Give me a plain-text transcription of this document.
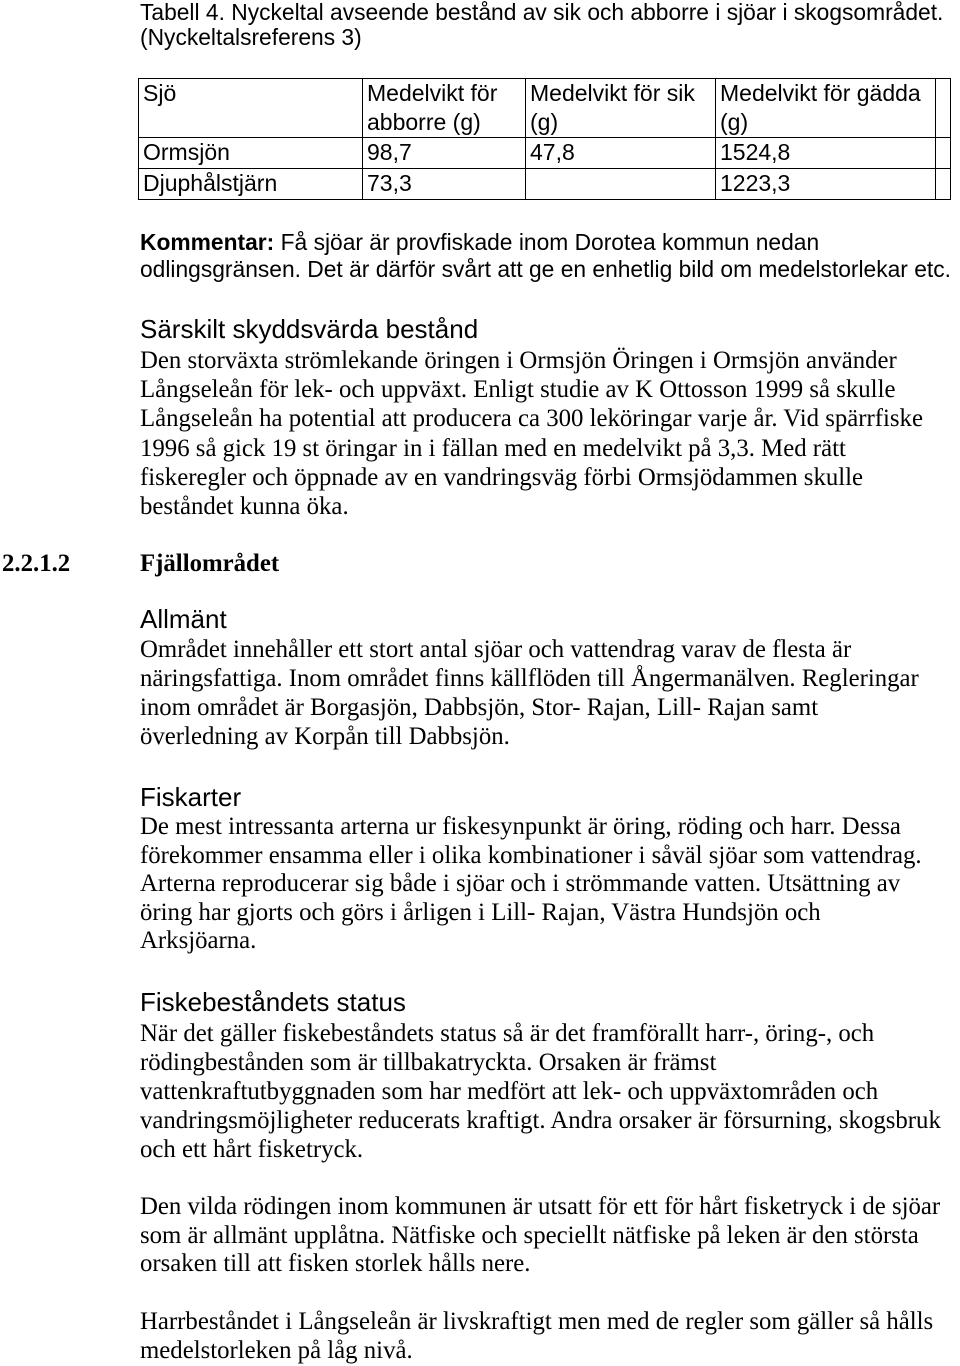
Tabell 4. Nyckeltal avseende bestånd av sik och abborre i sjöar i skogsområdet.
(Nyckeltalsreferens 3)
Sjö	Medelvikt för abborre (g)	Medelvikt för sik (g)	Medelvikt för gädda (g)	
Ormsjön	98,7	47,8	1524,8	
Djuphålstjärn	73,3		1223,3	
Kommentar: Få sjöar är provfiskade inom Dorotea kommun nedan
odlingsgränsen. Det är därför svårt att ge en enhetlig bild om medelstorlekar etc.
Särskilt skyddsvärda bestånd
Den storväxta strömlekande öringen i Ormsjön Öringen i Ormsjön använder
Långseleån för lek- och uppväxt. Enligt studie av K Ottosson 1999 så skulle
Långseleån ha potential att producera ca 300 leköringar varje år. Vid spärrfiske
1996 så gick 19 st öringar in i fällan med en medelvikt på 3,3. Med rätt
fiskeregler och öppnade av en vandringsväg förbi Ormsjödammen skulle
beståndet kunna öka.
2.2.1.2	Fjällområdet
Allmänt
Området innehåller ett stort antal sjöar och vattendrag varav de flesta är
näringsfattiga. Inom området finns källflöden till Ångermanälven. Regleringar
inom området är Borgasjön, Dabbsjön, Stor- Rajan, Lill- Rajan samt
överledning av Korpån till Dabbsjön.
Fiskarter
De mest intressanta arterna ur fiskesynpunkt är öring, röding och harr. Dessa
förekommer ensamma eller i olika kombinationer i såväl sjöar som vattendrag.
Arterna reproducerar sig både i sjöar och i strömmande vatten. Utsättning av
öring har gjorts och görs i årligen i Lill- Rajan, Västra Hundsjön och
Arksjöarna.
Fiskebeståndets status
När det gäller fiskebeståndets status så är det framförallt harr-, öring-, och
rödingbestånden som är tillbakatryckta. Orsaken är främst
vattenkraftutbyggnaden som har medfört att lek- och uppväxtområden och
vandringsmöjligheter reducerats kraftigt. Andra orsaker är försurning, skogsbruk
och ett hårt fisketryck.
Den vilda rödingen inom kommunen är utsatt för ett för hårt fisketryck i de sjöar
som är allmänt upplåtna. Nätfiske och speciellt nätfiske på leken är den största
orsaken till att fisken storlek hålls nere.
Harrbeståndet i Långseleån är livskraftigt men med de regler som gäller så hålls
medelstorleken på låg nivå.
